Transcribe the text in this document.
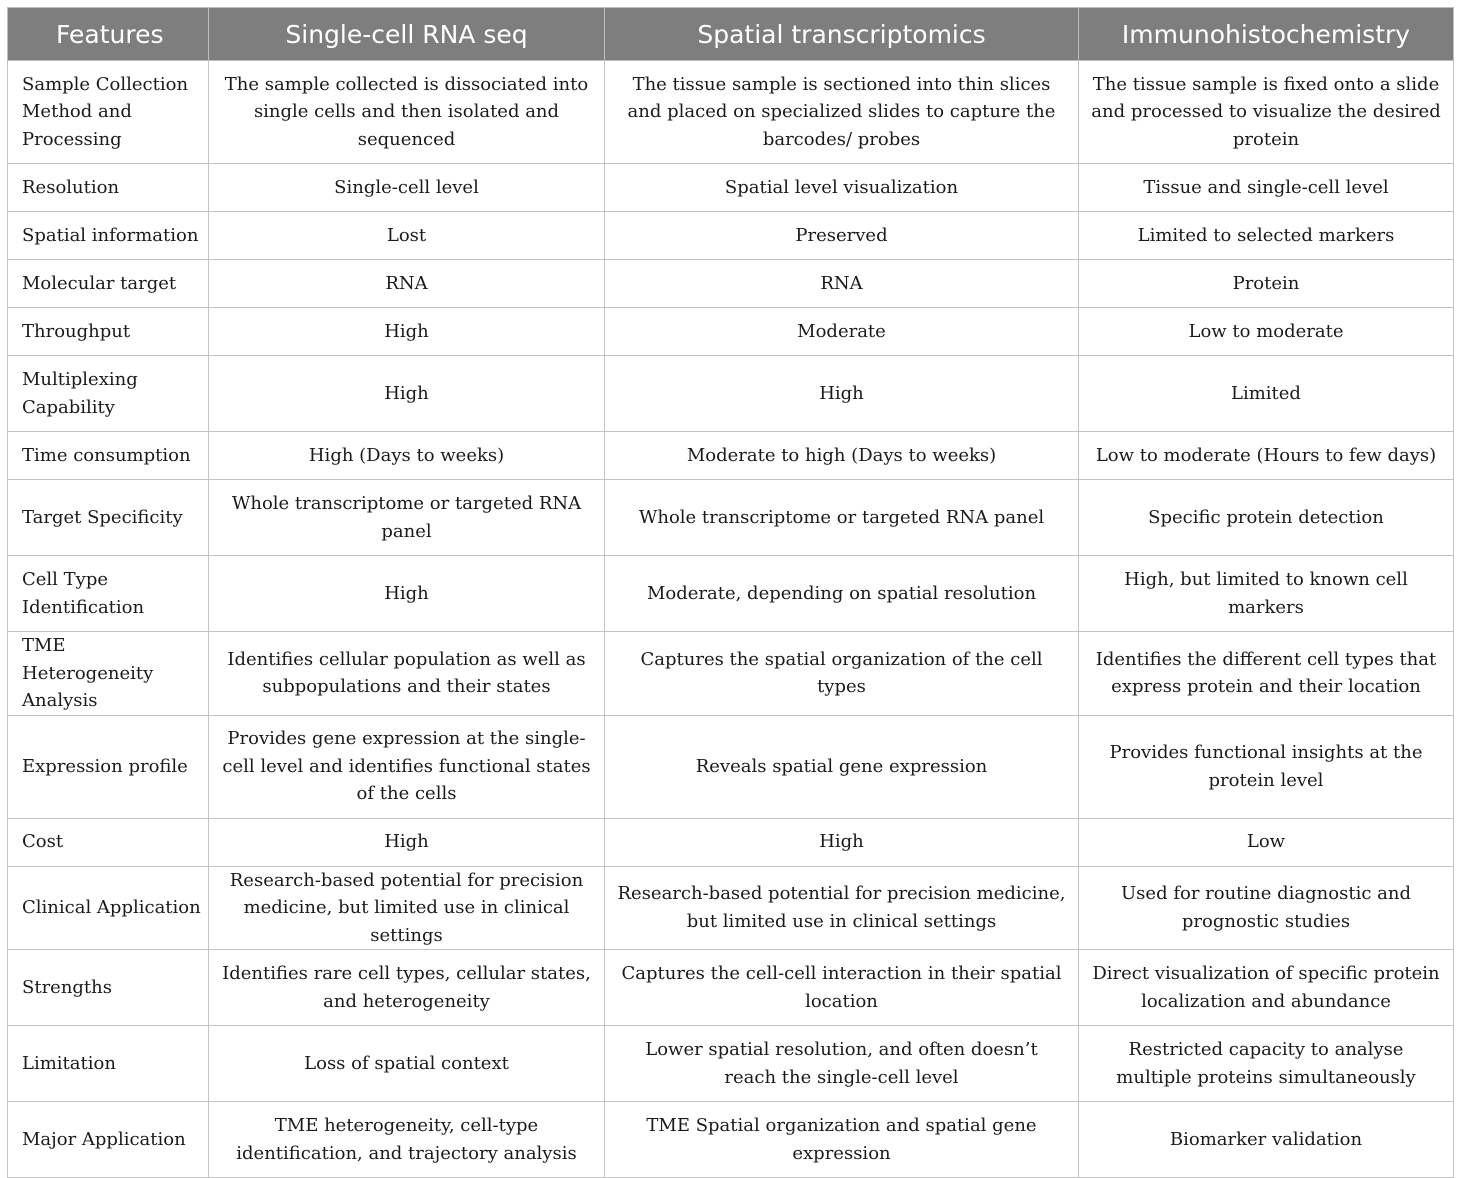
Features	Single-cell RNA seq	Spatial transcriptomics	Immunohistochemistry
Sample Collection Method and Processing	The sample collected is dissociated into single cells and then isolated and sequenced	The tissue sample is sectioned into thin slices and placed on specialized slides to capture the barcodes/ probes	The tissue sample is fixed onto a slide and processed to visualize the desired protein
Resolution	Single-cell level	Spatial level visualization	Tissue and single-cell level
Spatial information	Lost	Preserved	Limited to selected markers
Molecular target	RNA	RNA	Protein
Throughput	High	Moderate	Low to moderate
Multiplexing Capability	High	High	Limited
Time consumption	High (Days to weeks)	Moderate to high (Days to weeks)	Low to moderate (Hours to few days)
Target Specificity	Whole transcriptome or targeted RNA panel	Whole transcriptome or targeted RNA panel	Specific protein detection
Cell Type Identification	High	Moderate, depending on spatial resolution	High, but limited to known cell markers
TME Heterogeneity Analysis	Identifies cellular population as well as subpopulations and their states	Captures the spatial organization of the cell types	Identifies the different cell types that express protein and their location
Expression profile	Provides gene expression at the single-cell level and identifies functional states of the cells	Reveals spatial gene expression	Provides functional insights at the protein level
Cost	High	High	Low
Clinical Application	Research-based potential for precision medicine, but limited use in clinical settings	Research-based potential for precision medicine, but limited use in clinical settings	Used for routine diagnostic and prognostic studies
Strengths	Identifies rare cell types, cellular states, and heterogeneity	Captures the cell-cell interaction in their spatial location	Direct visualization of specific protein localization and abundance
Limitation	Loss of spatial context	Lower spatial resolution, and often doesn’t reach the single-cell level	Restricted capacity to analyse multiple proteins simultaneously
Major Application	TME heterogeneity, cell-type identification, and trajectory analysis	TME Spatial organization and spatial gene expression	Biomarker validation
